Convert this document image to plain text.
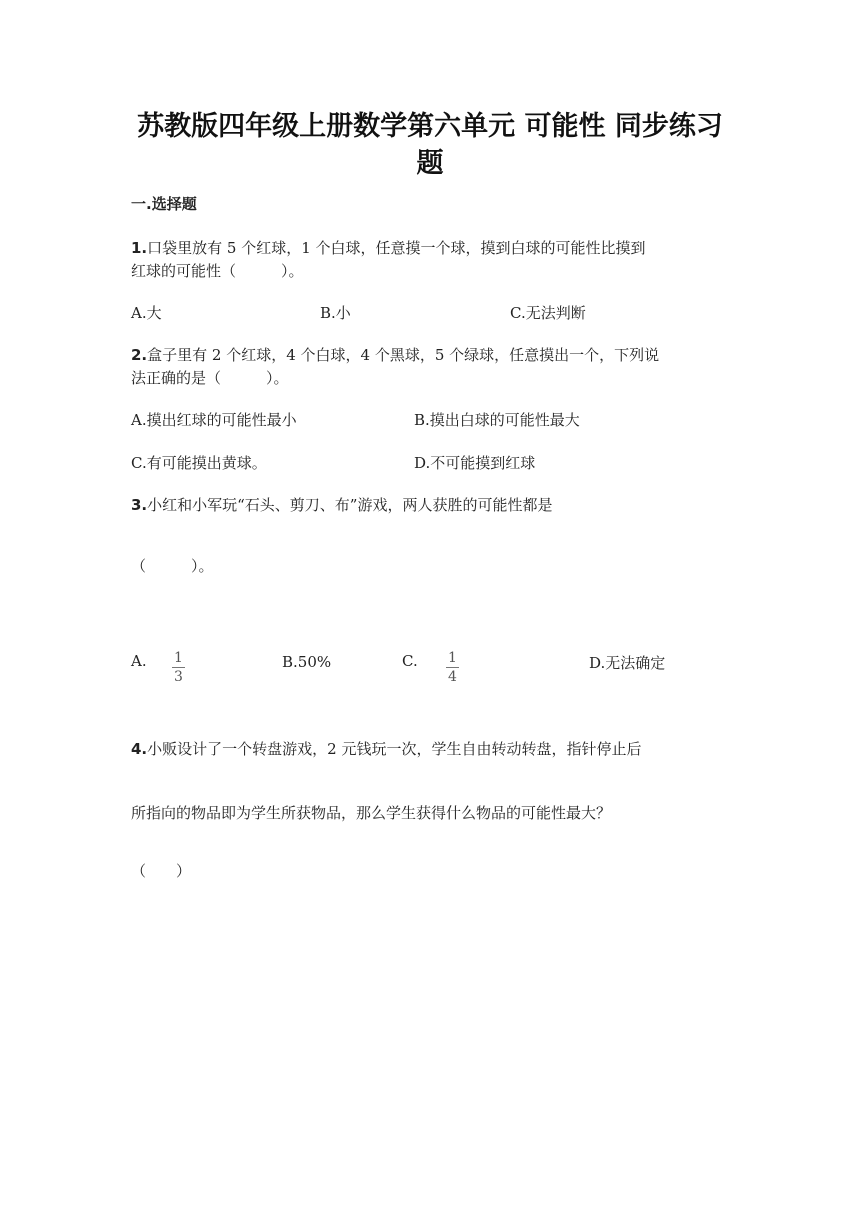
苏教版四年级上册数学第六单元 可能性 同步练习
题
一.选择题
1.口袋里放有 5 个红球，1 个白球，任意摸一个球，摸到白球的可能性比摸到
红球的可能性（　　　）。
A.大	B.小	C.无法判断
2.盒子里有 2 个红球，4 个白球，4 个黑球，5 个绿球，任意摸出一个，下列说
法正确的是（　　　）。
A.摸出红球的可能性最小	B.摸出白球的可能性最大
C.有可能摸出黄球。	D.不可能摸到红球
3.小红和小军玩“石头、剪刀、布”游戏，两人获胜的可能性都是
（　　　）。
A. $\frac{1}{3}$	B.50%	C. $\frac{1}{4}$	D.无法确定
4.小贩设计了一个转盘游戏，2 元钱玩一次，学生自由转动转盘，指针停止后
所指向的物品即为学生所获物品，那么学生获得什么物品的可能性最大？
（　　）
